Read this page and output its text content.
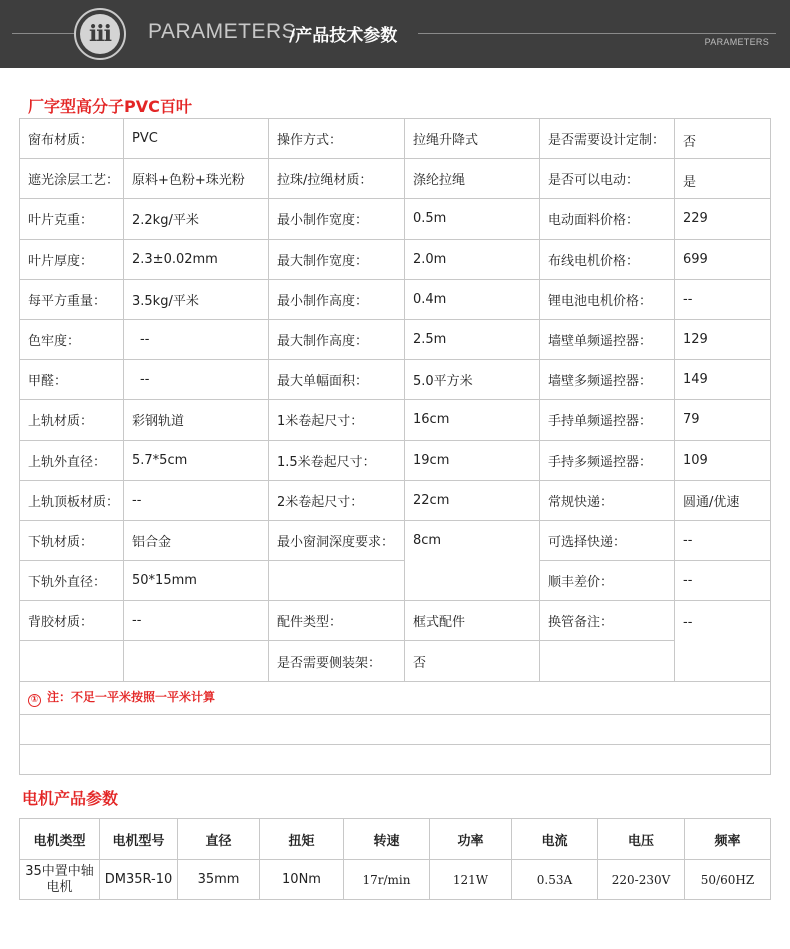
iii	PARAMETERS
/产品技术参数	PARAMETERS
厂字型高分子PVC百叶
窗布材质：	PVC	操作方式：	拉绳升降式	是否需要设计定制：	否
遮光涂层工艺：	原料+色粉+珠光粉	拉珠/拉绳材质：	涤纶拉绳	是否可以电动：	是
叶片克重：	2.2kg/平米	最小制作宽度：	0.5m	电动面料价格：	229
叶片厚度：	2.3±0.02mm	最大制作宽度：	2.0m	布线电机价格：	699
每平方重量：	3.5kg/平米	最小制作高度：	0.4m	锂电池电机价格：	--
色牢度：	--	最大制作高度：	2.5m	墙壁单频遥控器：	129
甲醛：	--	最大单幅面积：	5.0平方米	墙壁多频遥控器：	149
上轨材质：	彩钢轨道	1米卷起尺寸：	16cm	手持单频遥控器：	79
上轨外直径：	5.7*5cm	1.5米卷起尺寸：	19cm	手持多频遥控器：	109
上轨顶板材质：	--	2米卷起尺寸：	22cm	常规快递：	圆通/优速
下轨材质：	铝合金	最小窗洞深度要求：	8cm	可选择快递：	--
下轨外直径：	50*15mm			顺丰差价：	--
背胶材质：	--	配件类型：	框式配件	换管备注：	--
		是否需要侧装架：	否		
① 注：不足一平米按照一平米计算					

电机产品参数
电机类型	电机型号	直径	扭矩	转速	功率	电流	电压	频率
35中置中轴电机	DM35R-10	35mm	10Nm	17r/min	121W	0.53A	220-230V	50/60HZ
